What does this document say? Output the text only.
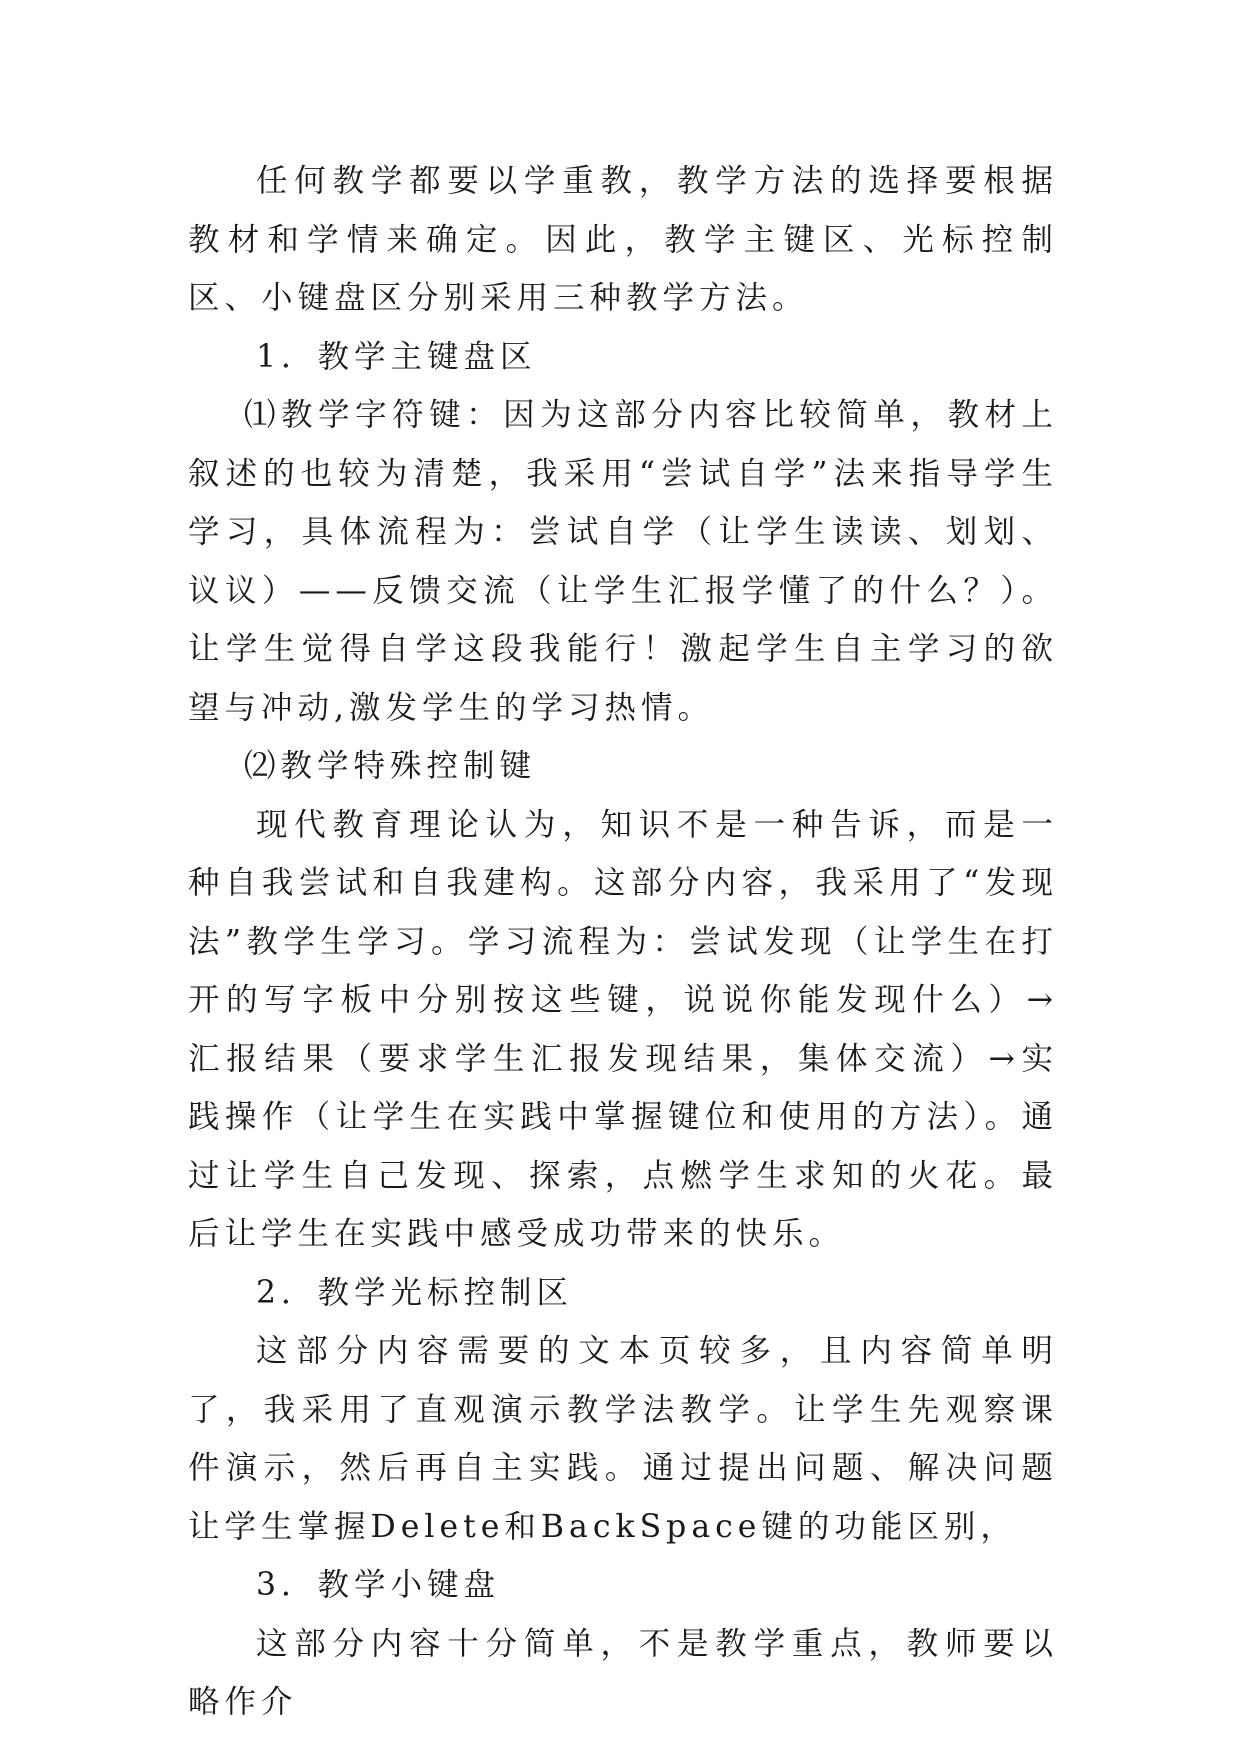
任何教学都要以学重教，教学方法的选择要根据教材和学情来确定。因此，教学主键区、光标控制区、小键盘区分别采用三种教学方法。

1．教学主键盘区

⑴教学字符键：因为这部分内容比较简单，教材上叙述的也较为清楚，我采用“尝试自学”法来指导学生学习，具体流程为：尝试自学（让学生读读、划划、议议）——反馈交流（让学生汇报学懂了的什么？）。让学生觉得自学这段我能行！激起学生自主学习的欲望与冲动,激发学生的学习热情。

⑵教学特殊控制键

现代教育理论认为，知识不是一种告诉，而是一种自我尝试和自我建构。这部分内容，我采用了“发现法”教学生学习。学习流程为：尝试发现（让学生在打开的写字板中分别按这些键，说说你能发现什么）→汇报结果（要求学生汇报发现结果，集体交流）→实践操作（让学生在实践中掌握键位和使用的方法）。通过让学生自己发现、探索，点燃学生求知的火花。最后让学生在实践中感受成功带来的快乐。

2．教学光标控制区

这部分内容需要的文本页较多，且内容简单明了，我采用了直观演示教学法教学。让学生先观察课件演示，然后再自主实践。通过提出问题、解决问题让学生掌握Delete和BackSpace键的功能区别，

3．教学小键盘

这部分内容十分简单，不是教学重点，教师要以略作介
